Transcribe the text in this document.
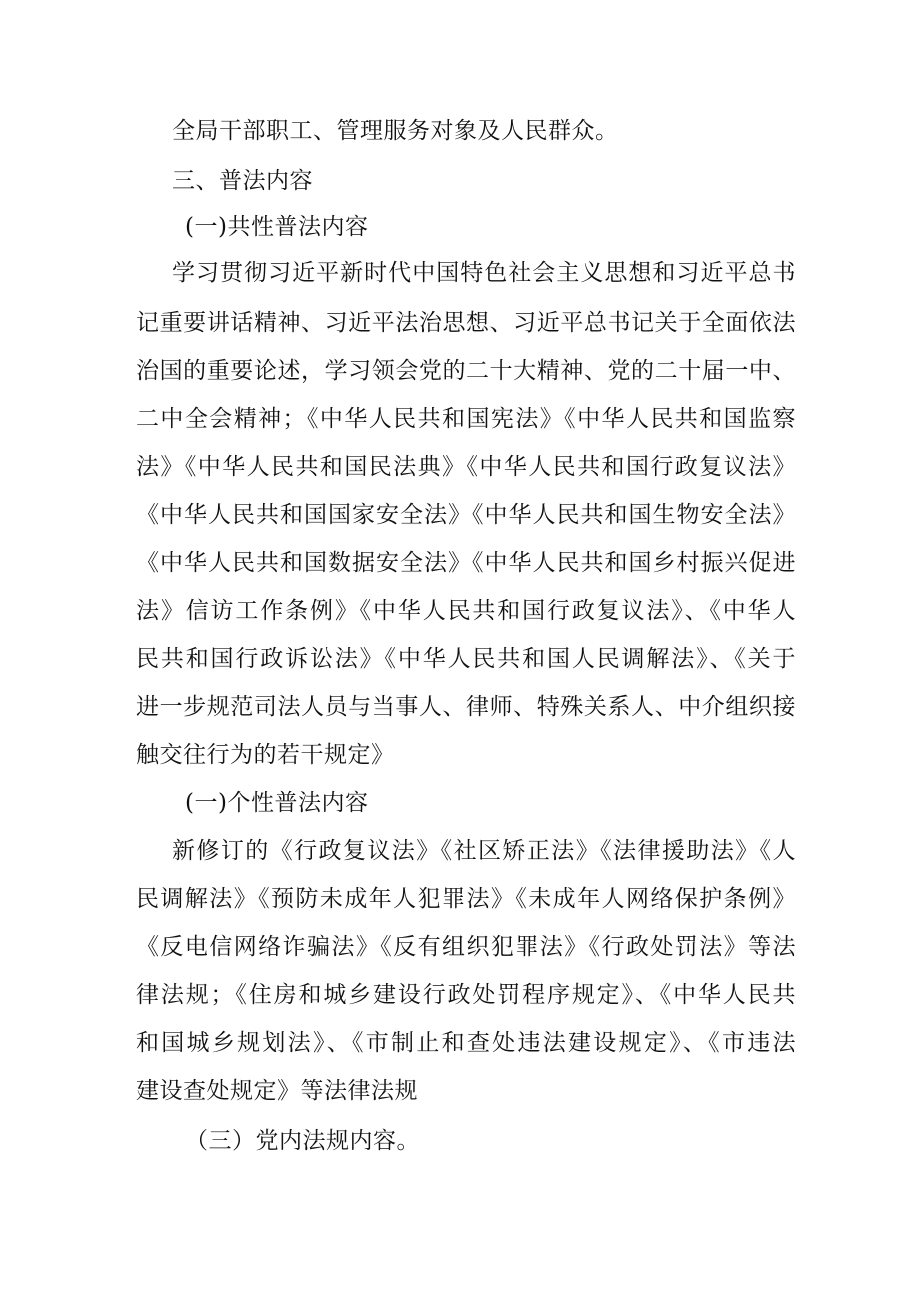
全局干部职工、管理服务对象及人民群众。
三、普法内容
(一)共性普法内容
学习贯彻习近平新时代中国特色社会主义思想和习近平总书
记重要讲话精神、习近平法治思想、习近平总书记关于全面依法
治国的重要论述，学习领会党的二十大精神、党的二十届一中、
二中全会精神；《中华人民共和国宪法》《中华人民共和国监察
法》《中华人民共和国民法典》《中华人民共和国行政复议法》
《中华人民共和国国家安全法》《中华人民共和国生物安全法》
《中华人民共和国数据安全法》《中华人民共和国乡村振兴促进
法》信访工作条例》《中华人民共和国行政复议法》、《中华人
民共和国行政诉讼法》《中华人民共和国人民调解法》、《关于
进一步规范司法人员与当事人、律师、特殊关系人、中介组织接
触交往行为的若干规定》
(一)个性普法内容
新修订的《行政复议法》《社区矫正法》《法律援助法》《人
民调解法》《预防未成年人犯罪法》《未成年人网络保护条例》
《反电信网络诈骗法》《反有组织犯罪法》《行政处罚法》等法
律法规；《住房和城乡建设行政处罚程序规定》、《中华人民共
和国城乡规划法》、《市制止和查处违法建设规定》、《市违法
建设查处规定》等法律法规
（三）党内法规内容。
